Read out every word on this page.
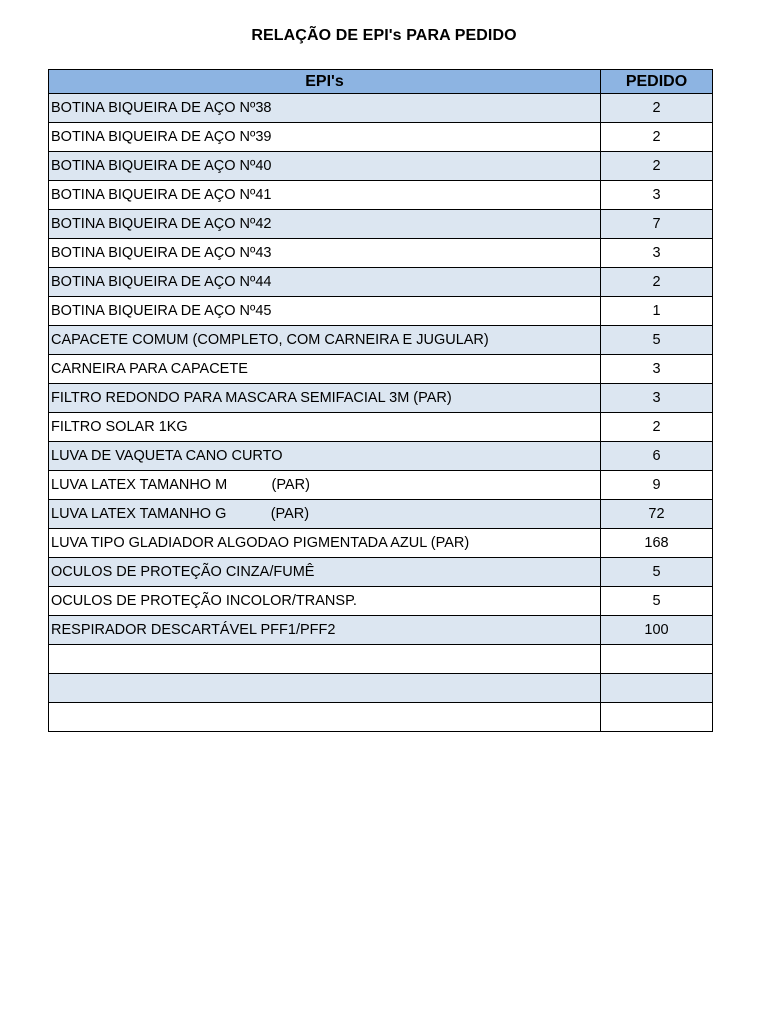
RELAÇÃO DE EPI's PARA PEDIDO
EPI's	PEDIDO
BOTINA BIQUEIRA DE AÇO Nº38	2
BOTINA BIQUEIRA DE AÇO Nº39	2
BOTINA BIQUEIRA DE AÇO Nº40	2
BOTINA BIQUEIRA DE AÇO Nº41	3
BOTINA BIQUEIRA DE AÇO Nº42	7
BOTINA BIQUEIRA DE AÇO Nº43	3
BOTINA BIQUEIRA DE AÇO Nº44	2
BOTINA BIQUEIRA DE AÇO Nº45	1
CAPACETE COMUM (COMPLETO, COM CARNEIRA E JUGULAR)	5
CARNEIRA PARA CAPACETE	3
FILTRO REDONDO PARA MASCARA SEMIFACIAL 3M (PAR)	3
FILTRO SOLAR 1KG	2
LUVA DE VAQUETA CANO CURTO	6
LUVA LATEX TAMANHO M           (PAR)	9
LUVA LATEX TAMANHO G           (PAR)	72
LUVA TIPO GLADIADOR ALGODAO PIGMENTADA AZUL (PAR)	168
OCULOS DE PROTEÇÃO CINZA/FUMÊ	5
OCULOS DE PROTEÇÃO INCOLOR/TRANSP.	5
RESPIRADOR DESCARTÁVEL PFF1/PFF2	100
